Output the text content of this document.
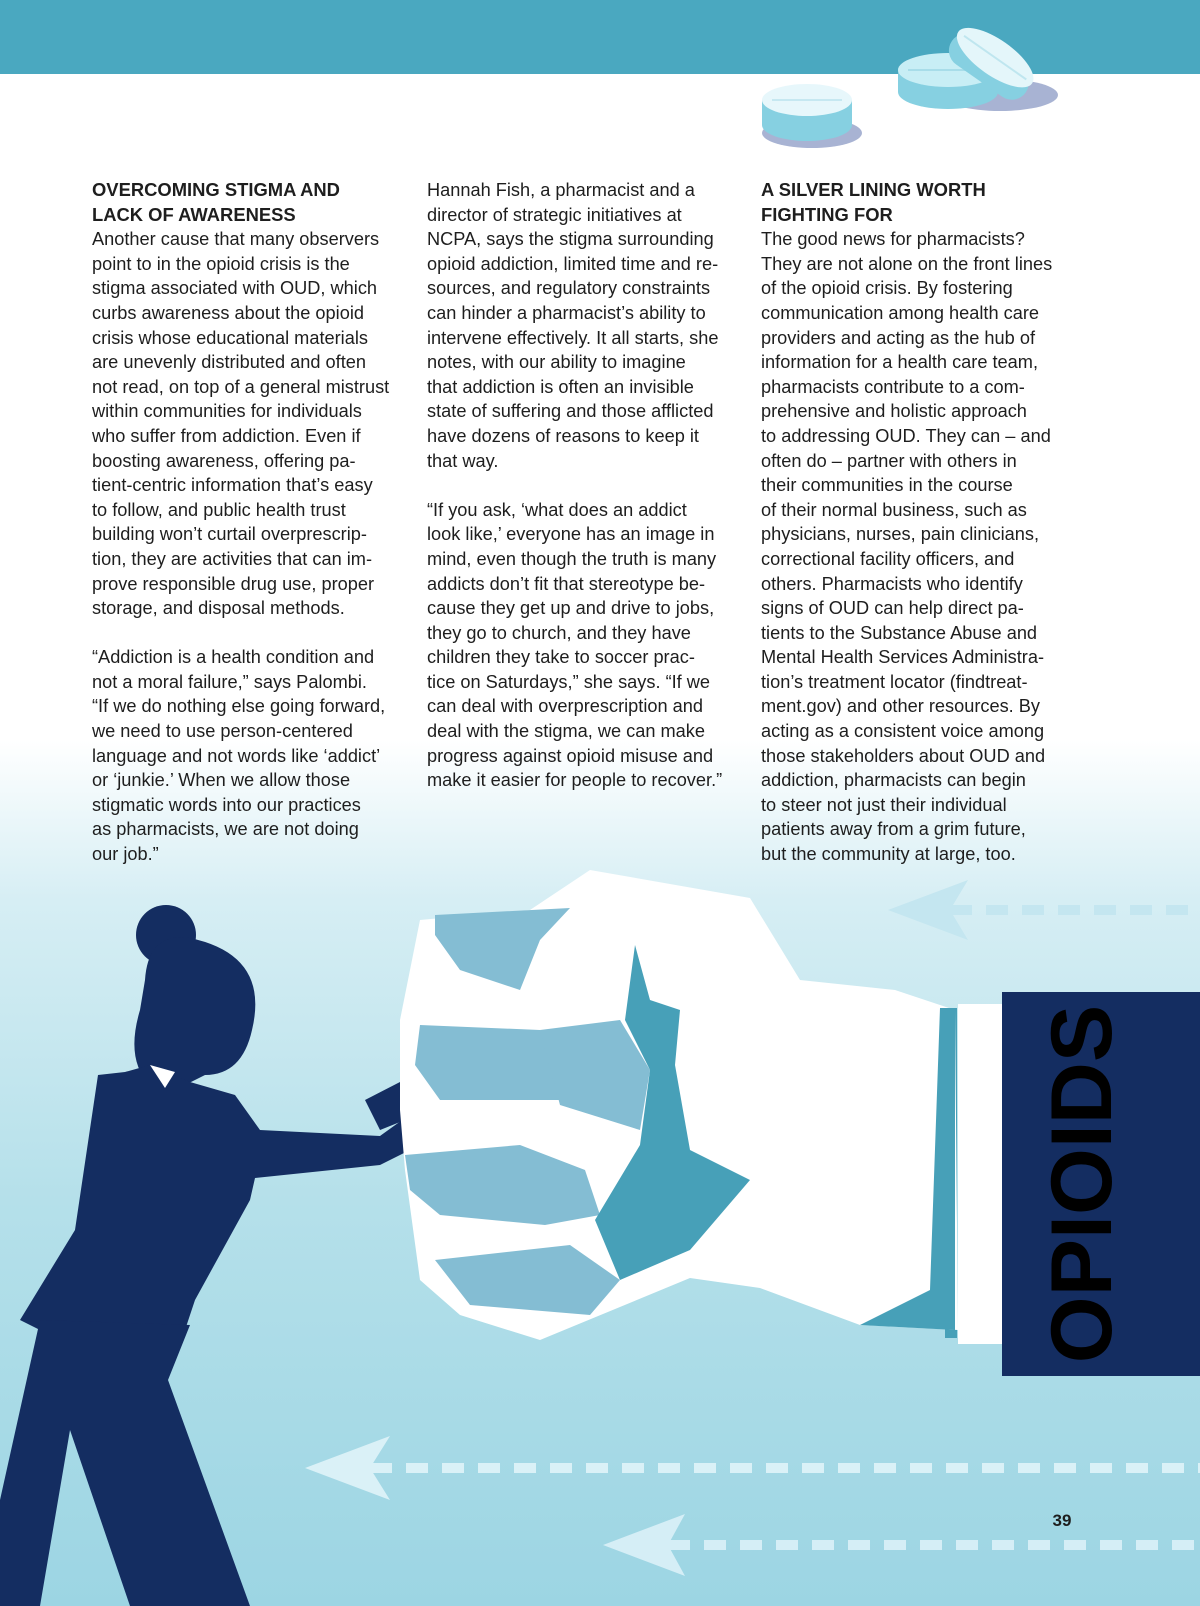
OVERCOMING STIGMA AND
LACK OF AWARENESS

Another cause that many observers
point to in the opioid crisis is the
stigma associated with OUD, which
curbs awareness about the opioid
crisis whose educational materials
are unevenly distributed and often
not read, on top of a general mistrust
within communities for individuals
who suffer from addiction. Even if
boosting awareness, offering pa-
tient-centric information that’s easy
to follow, and public health trust
building won’t curtail overprescrip-
tion, they are activities that can im-
prove responsible drug use, proper
storage, and disposal methods.

“Addiction is a health condition and
not a moral failure,” says Palombi.
“If we do nothing else going forward,
we need to use person-centered
language and not words like ‘addict’
or ‘junkie.’ When we allow those
stigmatic words into our practices
as pharmacists, we are not doing
our job.”

Hannah Fish, a pharmacist and a
director of strategic initiatives at
NCPA, says the stigma surrounding
opioid addiction, limited time and re-
sources, and regulatory constraints
can hinder a pharmacist’s ability to
intervene effectively. It all starts, she
notes, with our ability to imagine
that addiction is often an invisible
state of suffering and those afflicted
have dozens of reasons to keep it
that way.

“If you ask, ‘what does an addict
look like,’ everyone has an image in
mind, even though the truth is many
addicts don’t fit that stereotype be-
cause they get up and drive to jobs,
they go to church, and they have
children they take to soccer prac-
tice on Saturdays,” she says. “If we
can deal with overprescription and
deal with the stigma, we can make
progress against opioid misuse and
make it easier for people to recover.”

A SILVER LINING WORTH
FIGHTING FOR

The good news for pharmacists?
They are not alone on the front lines
of the opioid crisis. By fostering
communication among health care
providers and acting as the hub of
information for a health care team,
pharmacists contribute to a com-
prehensive and holistic approach
to addressing OUD. They can – and
often do – partner with others in
their communities in the course
of their normal business, such as
physicians, nurses, pain clinicians,
correctional facility officers, and
others. Pharmacists who identify
signs of OUD can help direct pa-
tients to the Substance Abuse and
Mental Health Services Administra-
tion’s treatment locator (findtreat-
ment.gov) and other resources. By
acting as a consistent voice among
those stakeholders about OUD and
addiction, pharmacists can begin
to steer not just their individual
patients away from a grim future,
but the community at large, too.

OPIOIDS
39
